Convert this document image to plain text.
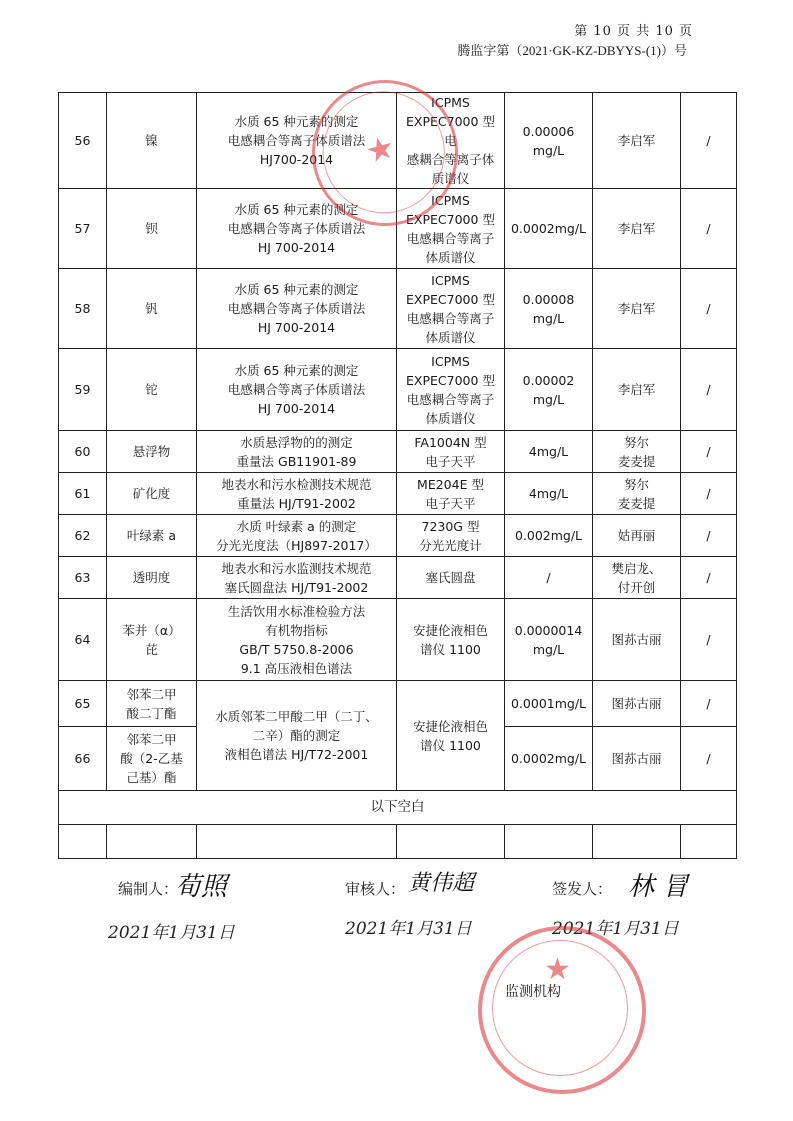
第 10 页 共 10 页
腾监字第（2021·GK-KZ-DBYYS-(1)）号
56	镍	水质 65 种元素的测定
电感耦合等离子体质谱法
HJ700-2014	ICPMS
EXPEC7000 型电
感耦合等离子体
质谱仪	0.00006
mg/L	李启军	/
57	钡	水质 65 种元素的测定
电感耦合等离子体质谱法
HJ 700-2014	ICPMS
EXPEC7000 型
电感耦合等离子
体质谱仪	0.0002mg/L	李启军	/
58	钒	水质 65 种元素的测定
电感耦合等离子体质谱法
HJ 700-2014	ICPMS
EXPEC7000 型
电感耦合等离子
体质谱仪	0.00008
mg/L	李启军	/
59	铊	水质 65 种元素的测定
电感耦合等离子体质谱法
HJ 700-2014	ICPMS
EXPEC7000 型
电感耦合等离子
体质谱仪	0.00002
mg/L	李启军	/
60	悬浮物	水质悬浮物的的测定
重量法 GB11901-89	FA1004N 型
电子天平	4mg/L	努尔
麦麦提	/
61	矿化度	地表水和污水检测技术规范
重量法 HJ/T91-2002	ME204E 型
电子天平	4mg/L	努尔
麦麦提	/
62	叶绿素 a	水质 叶绿素 a 的测定
分光光度法（HJ897-2017）	7230G 型
分光光度计	0.002mg/L	姑再丽	/
63	透明度	地表水和污水监测技术规范
塞氏圆盘法 HJ/T91-2002	塞氏圆盘	/	樊启龙、
付开创	/
64	苯并（α）
芘	生活饮用水标准检验方法
有机物指标
GB/T 5750.8-2006
9.1 高压液相色谱法	安捷伦液相色
谱仪 1100	0.0000014
mg/L	图荪古丽	/
65	邻苯二甲
酸二丁酯	水质邻苯二甲酸二甲（二丁、
二辛）酯的测定
液相色谱法 HJ/T72-2001	安捷伦液相色
谱仪 1100	0.0001mg/L	图荪古丽	/
66	邻苯二甲
酸（2-乙基
己基）酯			0.0002mg/L	图荪古丽	/
以下空白						

★
编制人：
荀照
2021年1月31日
审核人： 黄伟超
2021年1月31日
签发人： 林 冒
2021年1月31日
★
监测机构
